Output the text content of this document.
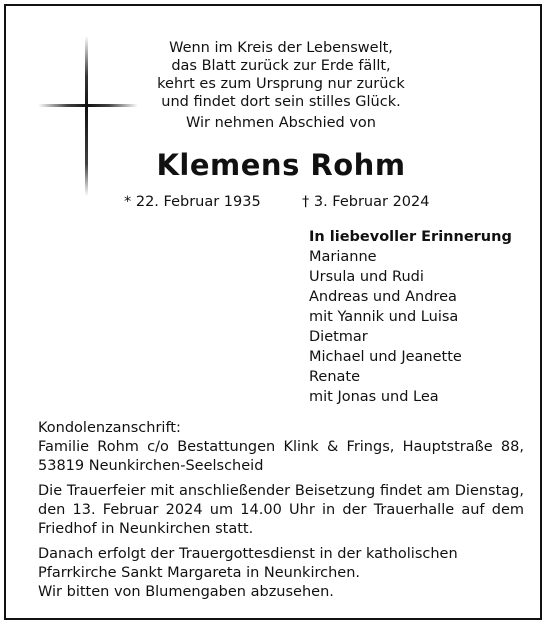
Wenn im Kreis der Lebenswelt,
das Blatt zurück zur Erde fällt,
kehrt es zum Ursprung nur zurück
und findet dort sein stilles Glück.
Wir nehmen Abschied von
Klemens Rohm
* 22. Februar 1935	† 3. Februar 2024
In liebevoller Erinnerung
Marianne
Ursula und Rudi
Andreas und Andrea
mit Yannik und Luisa
Dietmar
Michael und Jeanette
Renate
mit Jonas und Lea
Kondolenzanschrift:
Familie Rohm c/o Bestattungen Klink & Frings, Hauptstraße 88,
53819 Neunkirchen-Seelscheid
Die Trauerfeier mit anschließender Beisetzung findet am Dienstag,
den 13. Februar 2024 um 14.00 Uhr in der Trauerhalle auf dem
Friedhof in Neunkirchen statt.
Danach erfolgt der Trauergottesdienst in der katholischen
Pfarrkirche Sankt Margareta in Neunkirchen.
Wir bitten von Blumengaben abzusehen.
